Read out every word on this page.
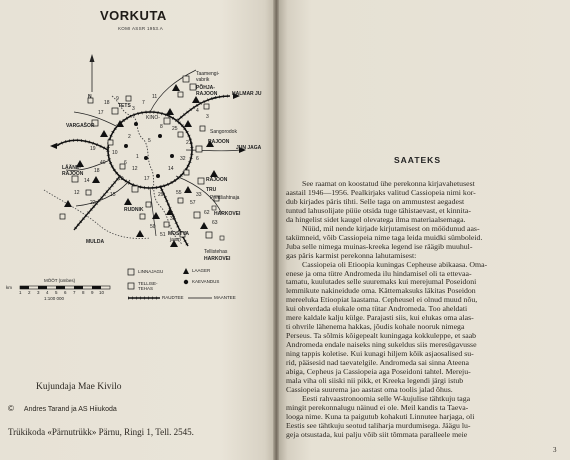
VORKUTA
KOMI ASSR 1953.A
17
18
9
3
7
11
40
19
2
10
18
14	16
15
12
17
14
32 6
3
4
21
25
8
5
1
6
55
57
29
50
51
33
62
63
34
12
22
Taamengi-
vabrik
PÕHJA-
RAJOON	HALMAR JU
TETS
KINO-
VARGAŠOR
Sangorodok
RAJOON
JUN JAGA
LÄÄNE-
RAJOON
RAJOON
TRU
Predšahtnaja
RUDNIK
MOSTVA
jaam
Tellistehas
MULDA
HARKOVEI
HARKOVEI
N
MÕÕT (ümbes)
km
1 2 3 4 5 6 7 8 9 10
1:100 000
LINNAJAGU	LAAGER
TELLISE-
TEHAS
KAEVANDUS
RAUDTEE	MAANTEE
Kujundaja Mae Kivilo
© Andres Tarand ja AS Hiiukoda
Trükikoda «Pärnutrükk» Pärnu, Ringi 1, Tell. 2545.
SAATEKS
See raamat on koostatud ühe perekonna kirjavahetusest
aastail 1946—1956. Pealkirjaks valitud Cassiopeia nimi kor-
dub kirjades päris tihti. Selle taga on ammustest aegadest
tuntud lahusolijate püüe otsida tuge tähistaevast, et kinnita-
da hingelist sidet kaugel olevatega ilma materiaalsemaga.
Nüüd, mil nende kirjade kirjutamisest on möödunud aas-
takümneid, võib Cassiopeia nime taga leida muidki sümboleid.
Juba selle nimega muinas-kreeka legend ise räägib muuhul-
gas päris karmist perekonna lahutamisest:
Cassiopeia oli Etioopia kuningas Cepheuse abikaasa. Oma-
enese ja oma tütre Andromeda ilu hindamisel oli ta ettevaa-
tamatu, kuulutades selle suuremaks kui merejumal Poseidoni
lemmikute nakineidude oma. Kättemaksuks läkitas Poseidon
mereeluka Etioopiat laastama. Cepheusel ei olnud muud nõu,
kui ohverdada elukale oma tütar Andromeda. Too aheldati
mere kaldale kalju külge. Parajasti siis, kui elukas oma alas-
ti ohvrile lähenema hakkas, jõudis kohale nooruk nimega
Perseus. Ta sõlmis kõigepealt kuningaga kokkuleppe, et saab
Andromeda endale naiseks ning sukeldus siis meresügavusse
ning tappis koletise. Kui kunagi hiljem kõik asjaosalised su-
rid, pääsesid nad taevatelgile. Andromeda sai sinna Ateena
abiga, Cepheus ja Cassiopeia aga Poseidoni tahtel. Mereju-
mala viha oli siiski nii pikk, et Kreeka legendi järgi istub
Cassiopeia suurema jao aastast oma toolis jalad õhus.
Eesti rahvaastronoomia selle W-kujulise tähtkuju taga
mingit perekonnalugu näinud ei ole. Meil kandis ta Taeva-
looga nime. Kuna ta paigutub kohakuti Linnutee harjaga, oli
Eestis see tähtkuju seotud taliharja murdumisega. Jäägu lu-
geja otsustada, kui palju võib siit tõmmata paralleele meie
3
